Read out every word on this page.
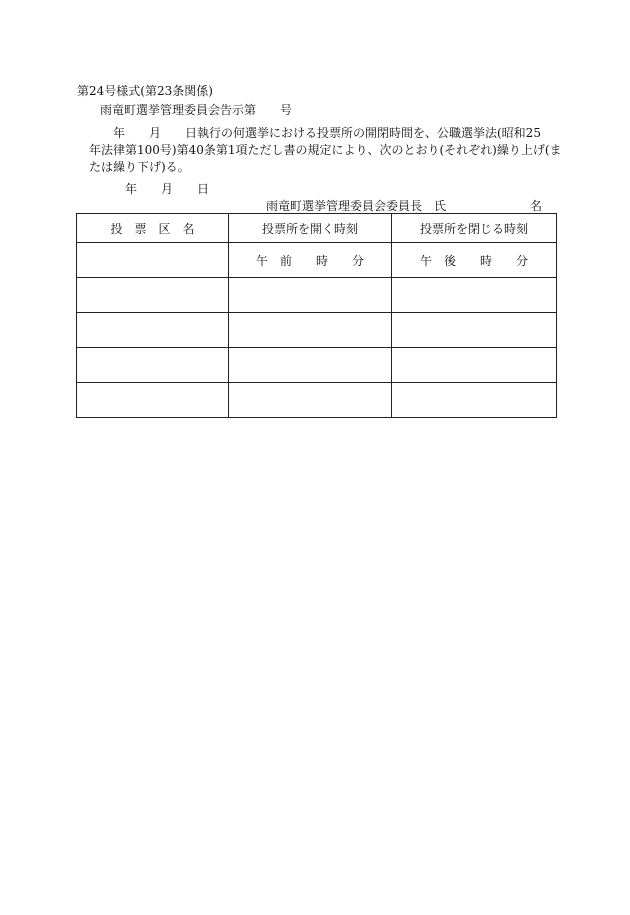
第24号様式(第23条関係)
雨竜町選挙管理委員会告示第　　号
　　　年　　月　　日執行の何選挙における投票所の開閉時間を、公職選挙法(昭和25
　年法律第100号)第40条第1項ただし書の規定により、次のとおり(それぞれ)繰り上げ(ま
　たは繰り下げ)る。
　　　　年　　月　　日
雨竜町選挙管理委員会委員長　氏　　　　　　　名
投　票　区　名	投票所を開く時刻	投票所を閉じる時刻
	午　前　　時　　分	午　後　　時　　分
